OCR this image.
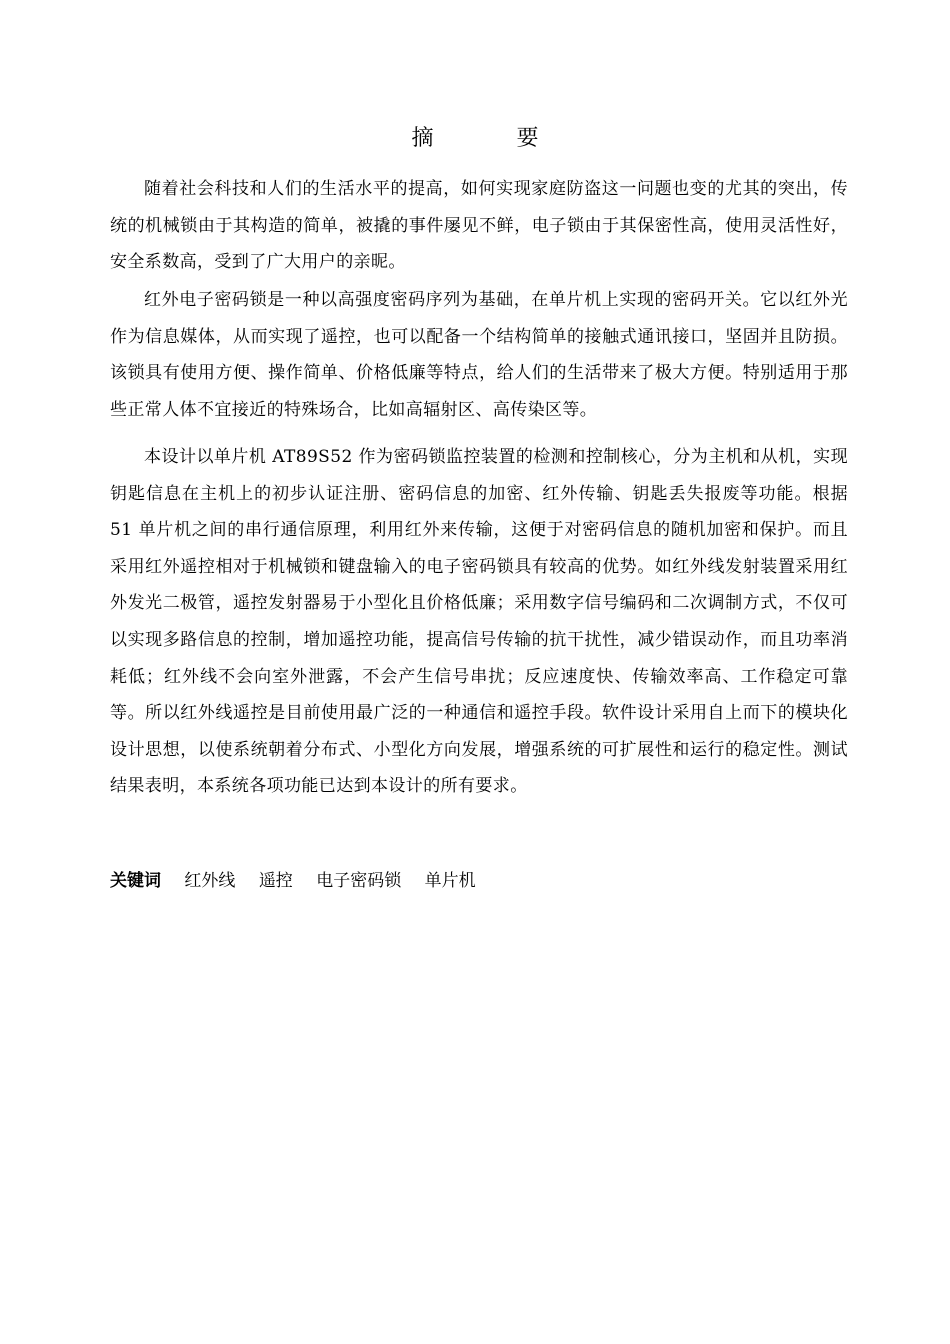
摘 要

随着社会科技和人们的生活水平的提高，如何实现家庭防盗这一问题也变的尤其的突出，传统的机械锁由于其构造的简单，被撬的事件屡见不鲜，电子锁由于其保密性高，使用灵活性好，安全系数高，受到了广大用户的亲昵。

红外电子密码锁是一种以高强度密码序列为基础，在单片机上实现的密码开关。它以红外光作为信息媒体，从而实现了遥控，也可以配备一个结构简单的接触式通讯接口，坚固并且防损。该锁具有使用方便、操作简单、价格低廉等特点，给人们的生活带来了极大方便。特别适用于那些正常人体不宜接近的特殊场合，比如高辐射区、高传染区等。

本设计以单片机 AT89S52 作为密码锁监控装置的检测和控制核心，分为主机和从机，实现钥匙信息在主机上的初步认证注册、密码信息的加密、红外传输、钥匙丢失报废等功能。根据 51 单片机之间的串行通信原理，利用红外来传输，这便于对密码信息的随机加密和保护。而且采用红外遥控相对于机械锁和键盘输入的电子密码锁具有较高的优势。如红外线发射装置采用红外发光二极管，遥控发射器易于小型化且价格低廉；采用数字信号编码和二次调制方式，不仅可以实现多路信息的控制，增加遥控功能，提高信号传输的抗干扰性，减少错误动作，而且功率消耗低；红外线不会向室外泄露，不会产生信号串扰；反应速度快、传输效率高、工作稳定可靠等。所以红外线遥控是目前使用最广泛的一种通信和遥控手段。软件设计采用自上而下的模块化设计思想，以使系统朝着分布式、小型化方向发展，增强系统的可扩展性和运行的稳定性。测试结果表明，本系统各项功能已达到本设计的所有要求。

关键词 红外线 遥控 电子密码锁 单片机
